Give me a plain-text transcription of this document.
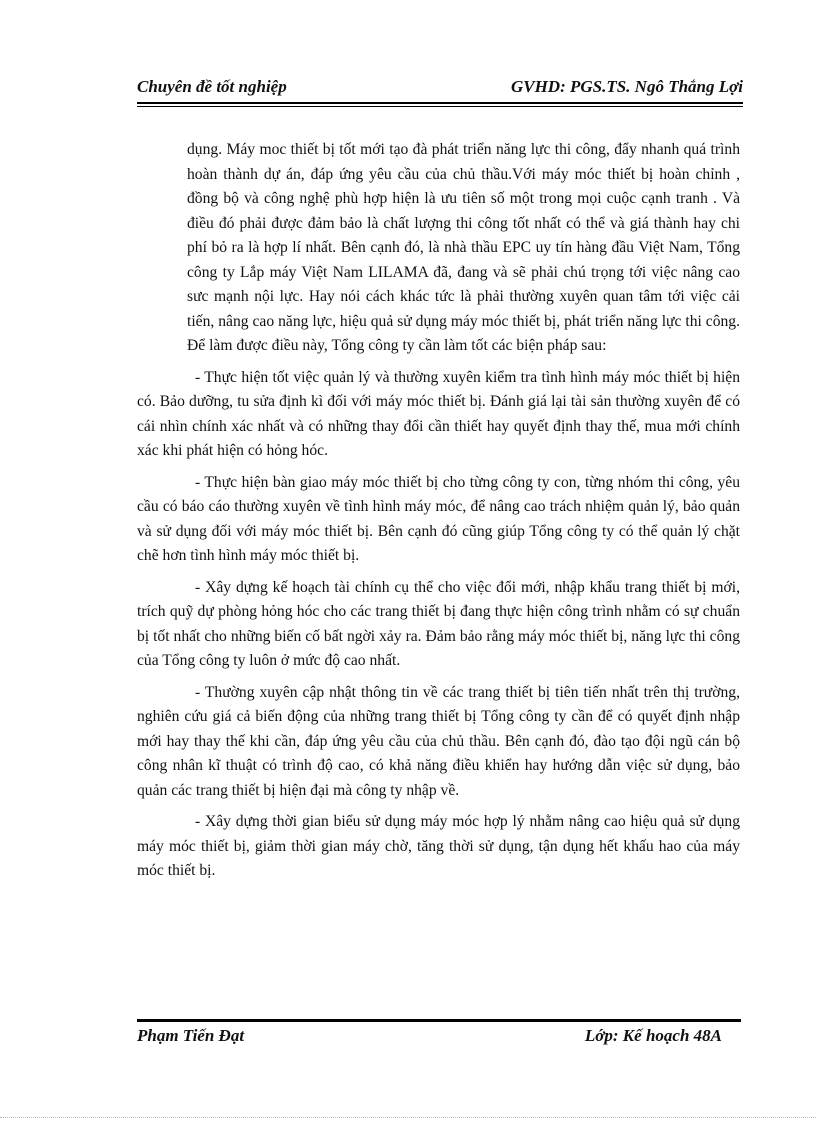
Chuyên đề tốt nghiệp	GVHD: PGS.TS. Ngô Thắng Lợi

dụng. Máy moc thiết bị tốt mới tạo đà phát triển năng lực thi công, đẩy nhanh quá trình hoàn thành dự án, đáp ứng yêu cầu của chủ thầu.Với máy móc thiết bị hoàn chỉnh , đồng bộ và công nghệ phù hợp hiện là ưu tiên số một trong mọi cuộc cạnh tranh . Và điều đó phải được đảm bảo là chất lượng thi công tốt nhất có thể và giá thành hay chi phí bỏ ra là hợp lí nhất. Bên cạnh đó, là nhà thầu EPC uy tín hàng đầu Việt Nam, Tổng công ty Lắp máy Việt Nam LILAMA đã, đang và sẽ phải chú trọng tới việc nâng cao sưc mạnh nội lực. Hay nói cách khác tức là phải thường xuyên quan tâm tới việc cải tiến, nâng cao năng lực, hiệu quả sử dụng máy móc thiết bị, phát triển năng lực thi công. Để làm được điều này, Tổng công ty cần làm tốt các biện pháp sau:

- Thực hiện tốt việc quản lý và thường xuyên kiểm tra tình hình máy móc thiết bị hiện có. Bảo dưỡng, tu sửa định kì đối với máy móc thiết bị. Đánh giá lại tài sản thường xuyên để có cái nhìn chính xác nhất và có những thay đổi cần thiết hay quyết định thay thế, mua mới chính xác khi phát hiện có hỏng hóc.

- Thực hiện bàn giao máy móc thiết bị cho từng công ty con, từng nhóm thi công, yêu cầu có báo cáo thường xuyên về tình hình máy móc, để nâng cao trách nhiệm quản lý, bảo quản và sử dụng đối với máy móc thiết bị. Bên cạnh đó cũng giúp Tổng công ty có thể quản lý chặt chẽ hơn tình hình máy móc thiết bị.

- Xây dựng kế hoạch tài chính cụ thể cho việc đổi mới, nhập khẩu trang thiết bị mới, trích quỹ dự phòng hỏng hóc cho các trang thiết bị đang thực hiện công trình nhằm có sự chuẩn bị tốt nhất cho những biến cố bất ngời xảy ra. Đảm bảo rằng máy móc thiết bị, năng lực thi công của Tổng công ty luôn ở mức độ cao nhất.

- Thường xuyên cập nhật thông tin về các trang thiết bị tiên tiến nhất trên thị trường, nghiên cứu giá cả biến động của những trang thiết bị Tổng công ty cần để có quyết định nhập mới hay thay thế khi cần, đáp ứng yêu cầu của chủ thầu. Bên cạnh đó, đào tạo đội ngũ cán bộ công nhân kĩ thuật có trình độ cao, có khả năng điều khiển hay hướng dẫn việc sử dụng, bảo quản các trang thiết bị hiện đại mà công ty nhập về.

- Xây dựng thời gian biểu sử dụng máy móc hợp lý nhằm nâng cao hiệu quả sử dụng máy móc thiết bị, giảm thời gian máy chờ, tăng thời sử dụng, tận dụng hết khấu hao của máy móc thiết bị.

Phạm Tiến Đạt	Lớp: Kế hoạch 48A
